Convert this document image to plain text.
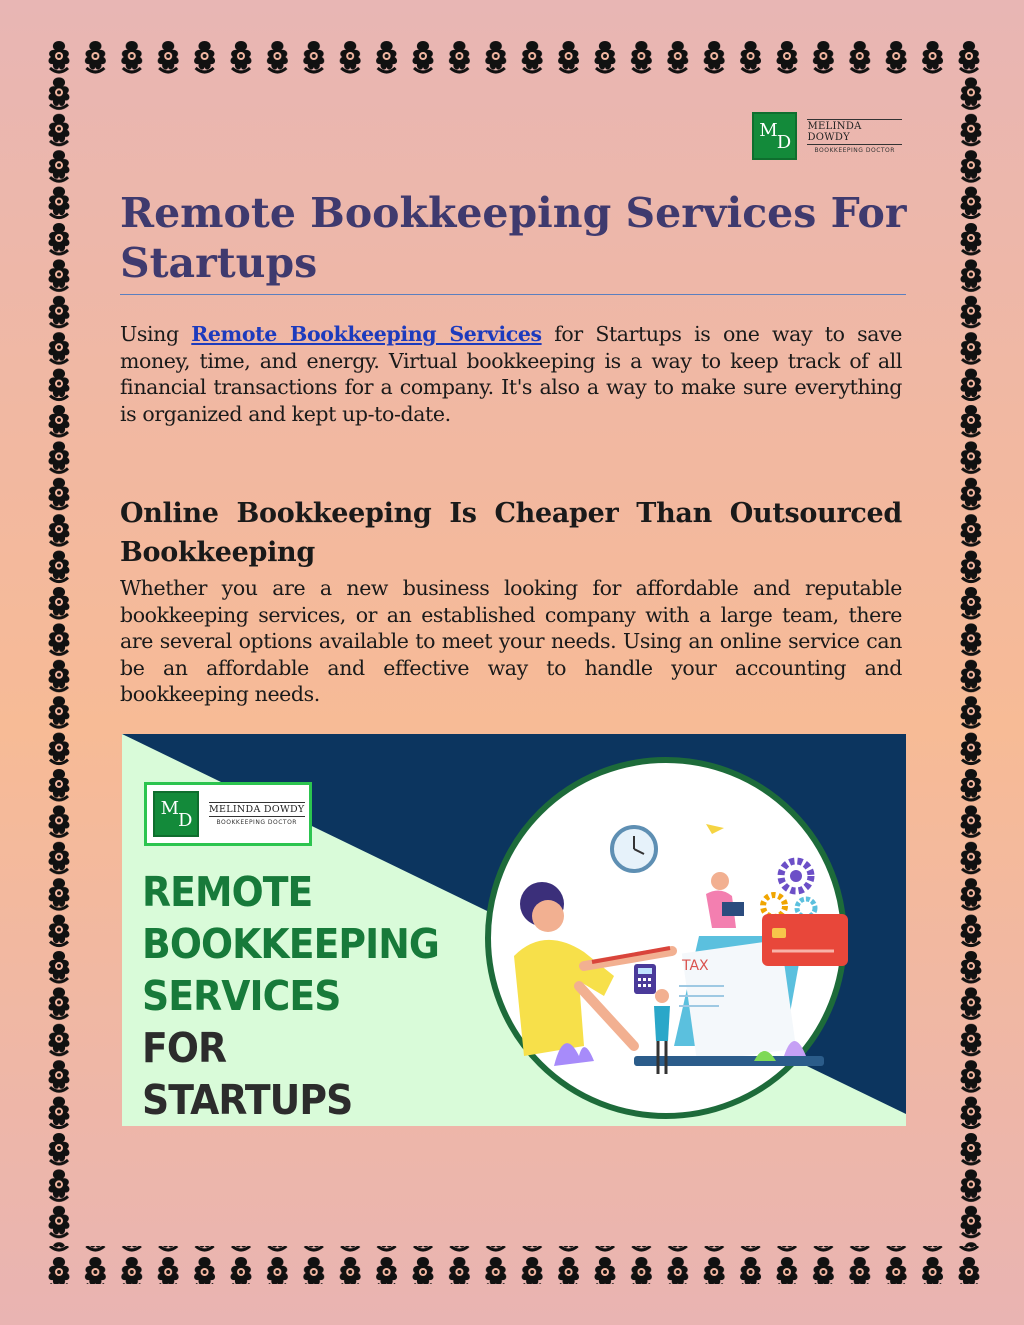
M
D
MELINDA DOWDY
BOOKKEEPING DOCTOR
Remote Bookkeeping Services For Startups

Using Remote Bookkeeping Services for Startups is one way to save money, time, and energy. Virtual bookkeeping is a way to keep track of all financial transactions for a company. It's also a way to make sure everything is organized and kept up-to-date.

Online Bookkeeping Is Cheaper Than Outsourced Bookkeeping

Whether you are a new business looking for affordable and reputable bookkeeping services, or an established company with a large team, there are several options available to meet your needs. Using an online service can be an affordable and effective way to handle your accounting and bookkeeping needs.

M
D MELINDA DOWDY
BOOKKEEPING DOCTOR
REMOTE
BOOKKEEPING
SERVICES
FOR
STARTUPS
TAX
